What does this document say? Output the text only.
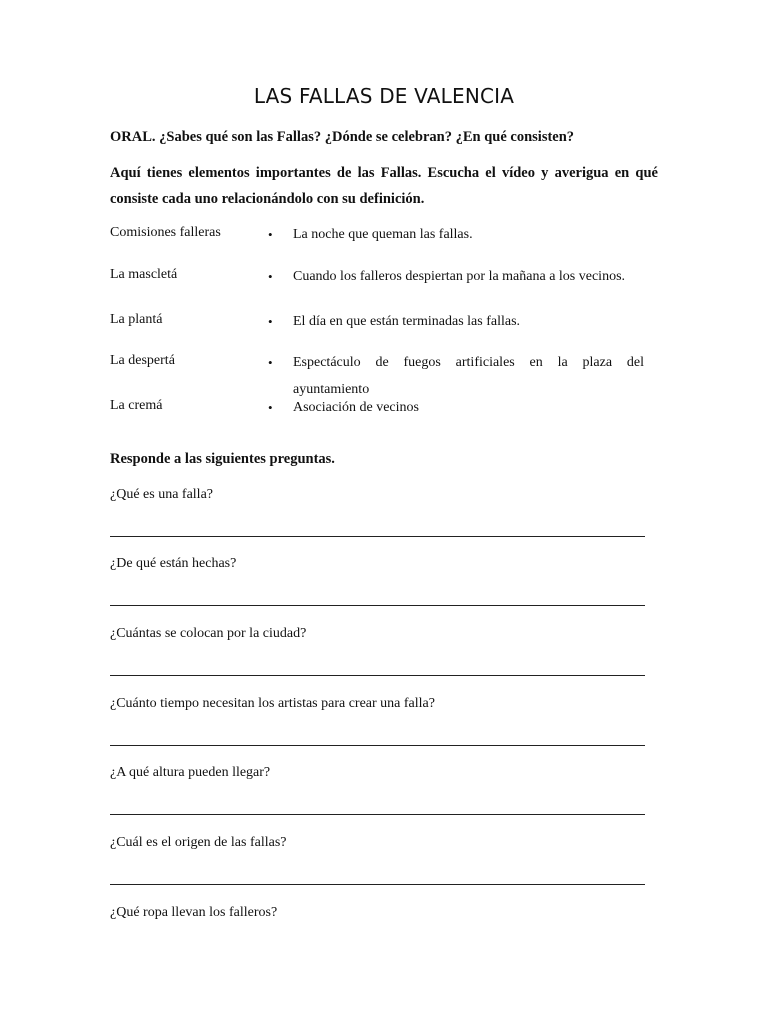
LAS FALLAS DE VALENCIA
ORAL. ¿Sabes qué son las Fallas? ¿Dónde se celebran? ¿En qué consisten?
Aquí tienes elementos importantes de las Fallas. Escucha el vídeo y averigua en qué consiste cada uno relacionándolo con su definición.
Comisiones falleras	• La noche que queman las fallas.
La mascletá	• Cuando los falleros despiertan por la mañana a los vecinos.
La plantá	• El día en que están terminadas las fallas.
La despertá	• Espectáculo de fuegos artificiales en la plaza del ayuntamiento
La cremá	• Asociación de vecinos
Responde a las siguientes preguntas.
¿Qué es una falla?
¿De qué están hechas?
¿Cuántas se colocan por la ciudad?
¿Cuánto tiempo necesitan los artistas para crear una falla?
¿A qué altura pueden llegar?
¿Cuál es el origen de las fallas?
¿Qué ropa llevan los falleros?
